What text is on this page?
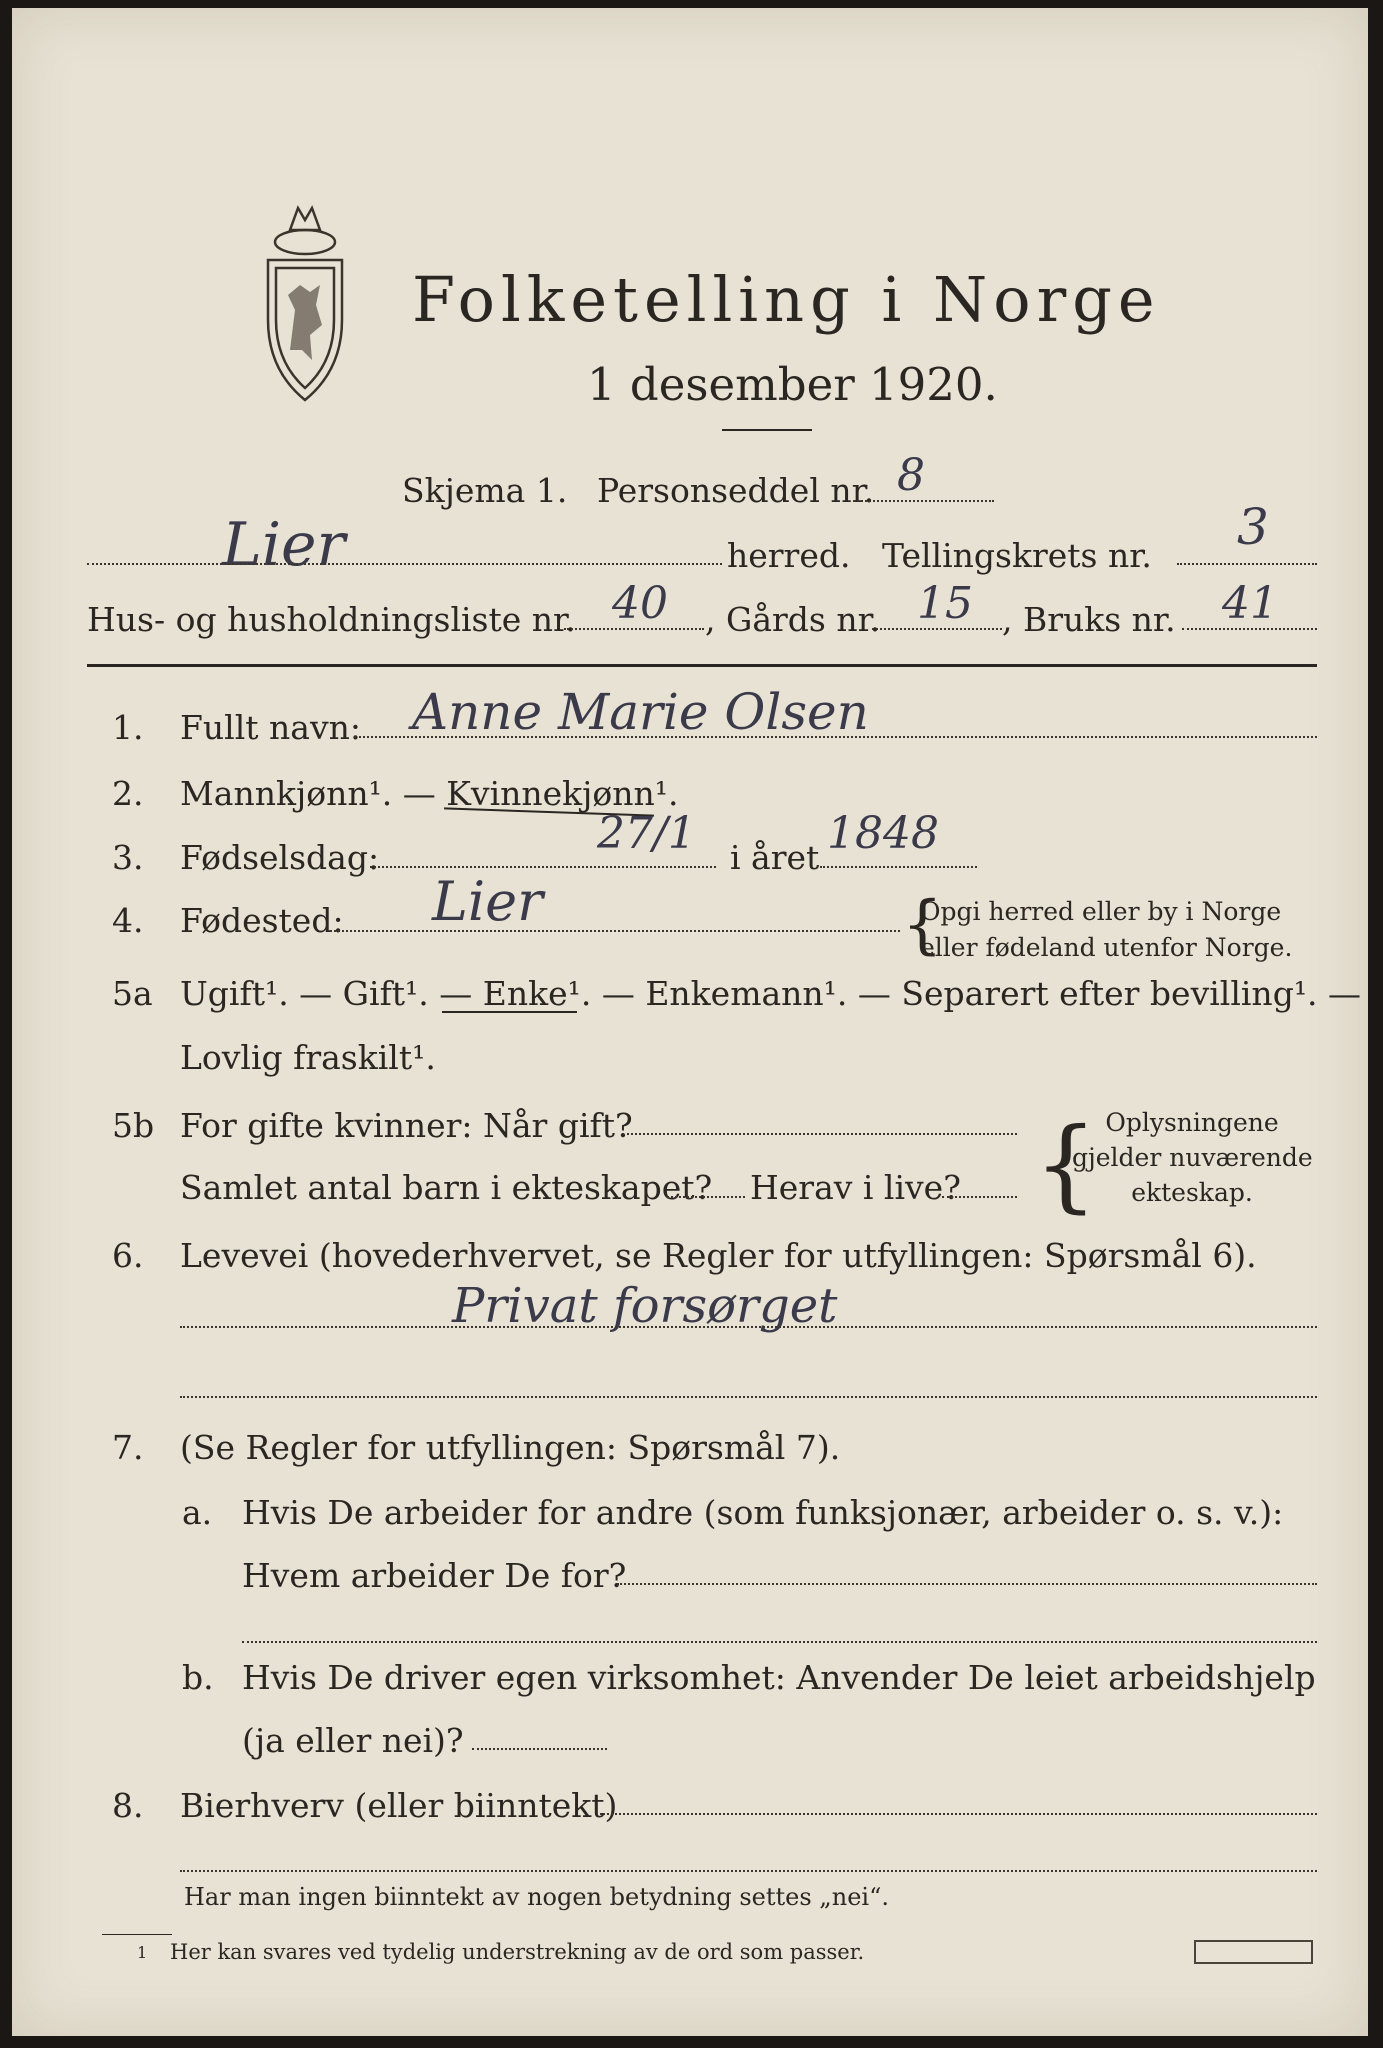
Folketelling i Norge
1 desember 1920.
Skjema 1. Personseddel nr. 8
Lier	herred. Tellingskrets nr. 3
Hus- og husholdningsliste nr. 40 , Gårds nr. 15 , Bruks nr. 41
1. Fullt navn: Anne Marie Olsen
2. Mannkjønn¹. — Kvinnekjønn¹.
3. Fødselsdag:	27/1 i året 1848
4. Fødested: Lier	{
Opgi herred eller by i Norge
eller fødeland utenfor Norge.
5a Ugift¹. — Gift¹. — Enke¹. — Enkemann¹. — Separert efter bevilling¹. —
Lovlig fraskilt¹.
5b For gifte kvinner: Når gift?
Samlet antal barn i ekteskapet? Herav i live? { Oplysningene
gjelder nuværende
ekteskap.
6. Levevei (hovederhvervet, se Regler for utfyllingen: Spørsmål 6).
Privat forsørget
7. (Se Regler for utfyllingen: Spørsmål 7).
a. Hvis De arbeider for andre (som funksjonær, arbeider o. s. v.):
Hvem arbeider De for?
b. Hvis De driver egen virksomhet: Anvender De leiet arbeidshjelp
(ja eller nei)?
8. Bierhverv (eller biinntekt)
Har man ingen biinntekt av nogen betydning settes „nei“.
1 Her kan svares ved tydelig understrekning av de ord som passer.
